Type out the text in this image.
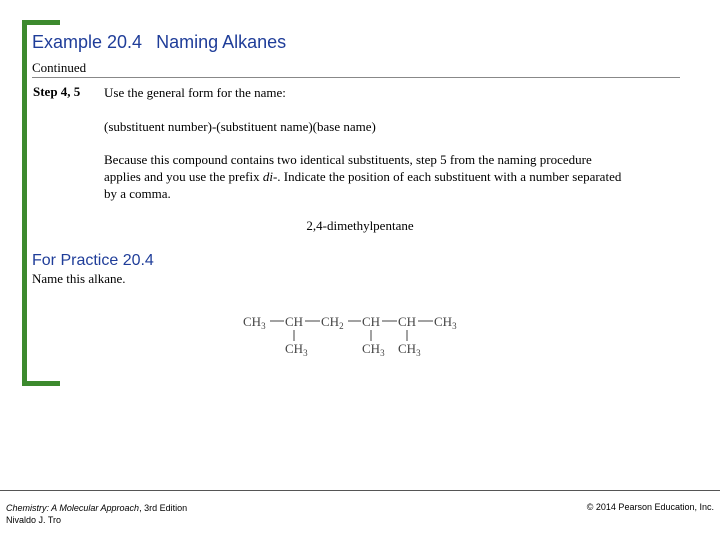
Example 20.4 Naming Alkanes
Continued
Step 4, 5 Use the general form for the name:
(substituent number)-(substituent name)(base name)
Because this compound contains two identical substituents, step 5 from the naming procedure
applies and you use the prefix di-. Indicate the position of each substituent with a number separated
by a comma.
2,4-dimethylpentane
For Practice 20.4
Name this alkane.
$CH_3$ CH $CH_2$ CH CH $CH_3$
$CH_3$	$CH_3$ $CH_3$
Chemistry: A Molecular Approach, 3rd Edition
Nivaldo J. Tro
© 2014 Pearson Education, Inc.
